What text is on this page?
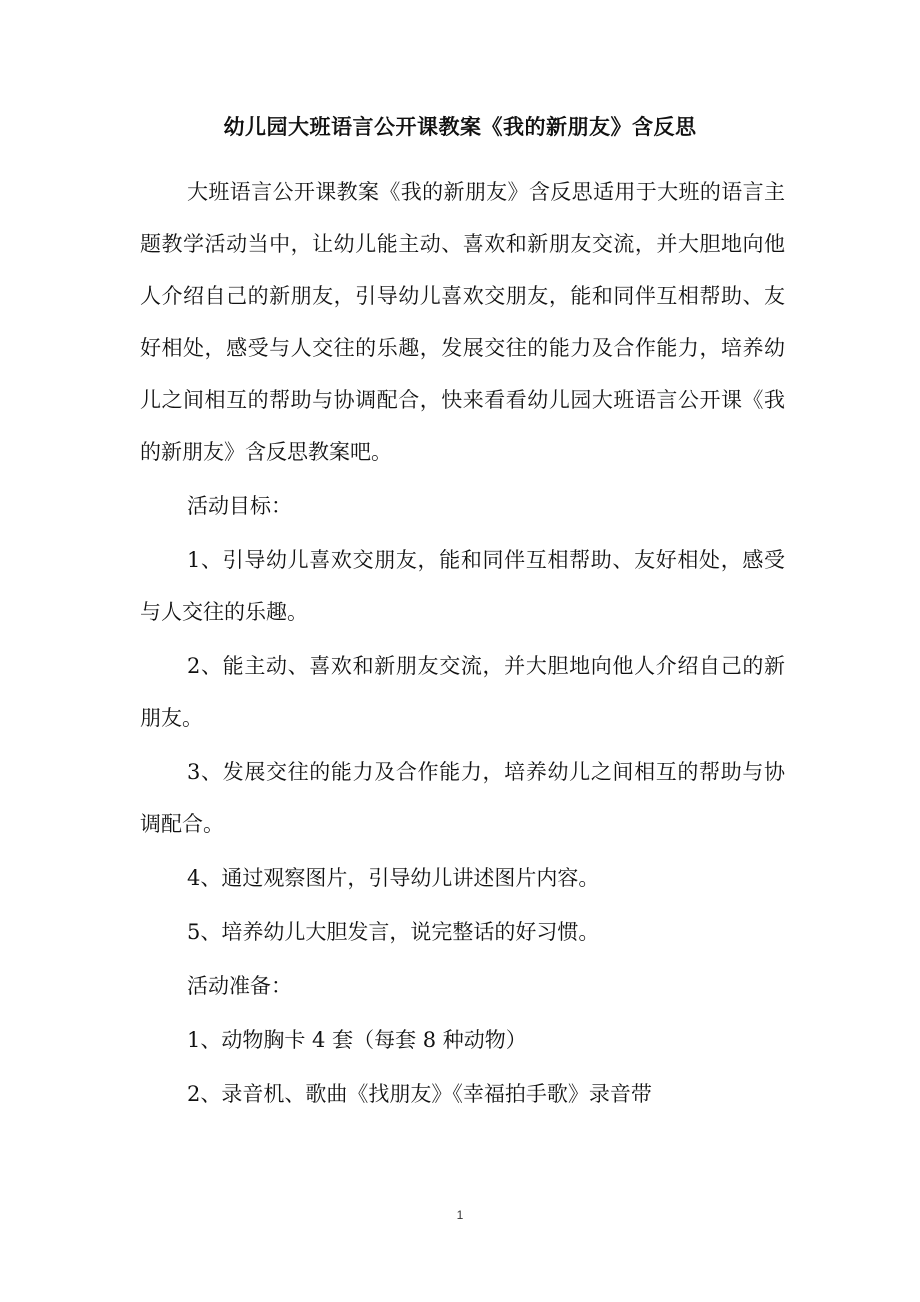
幼儿园大班语言公开课教案《我的新朋友》含反思

大班语言公开课教案《我的新朋友》含反思适用于大班的语言主题教学活动当中，让幼儿能主动、喜欢和新朋友交流，并大胆地向他人介绍自己的新朋友，引导幼儿喜欢交朋友，能和同伴互相帮助、友好相处，感受与人交往的乐趣，发展交往的能力及合作能力，培养幼儿之间相互的帮助与协调配合，快来看看幼儿园大班语言公开课《我的新朋友》含反思教案吧。

活动目标：

1、引导幼儿喜欢交朋友，能和同伴互相帮助、友好相处，感受与人交往的乐趣。

2、能主动、喜欢和新朋友交流，并大胆地向他人介绍自己的新朋友。

3、发展交往的能力及合作能力，培养幼儿之间相互的帮助与协调配合。

4、通过观察图片，引导幼儿讲述图片内容。

5、培养幼儿大胆发言，说完整话的好习惯。

活动准备：

1、动物胸卡 4 套（每套 8 种动物）

2、录音机、歌曲《找朋友》《幸福拍手歌》录音带

1
